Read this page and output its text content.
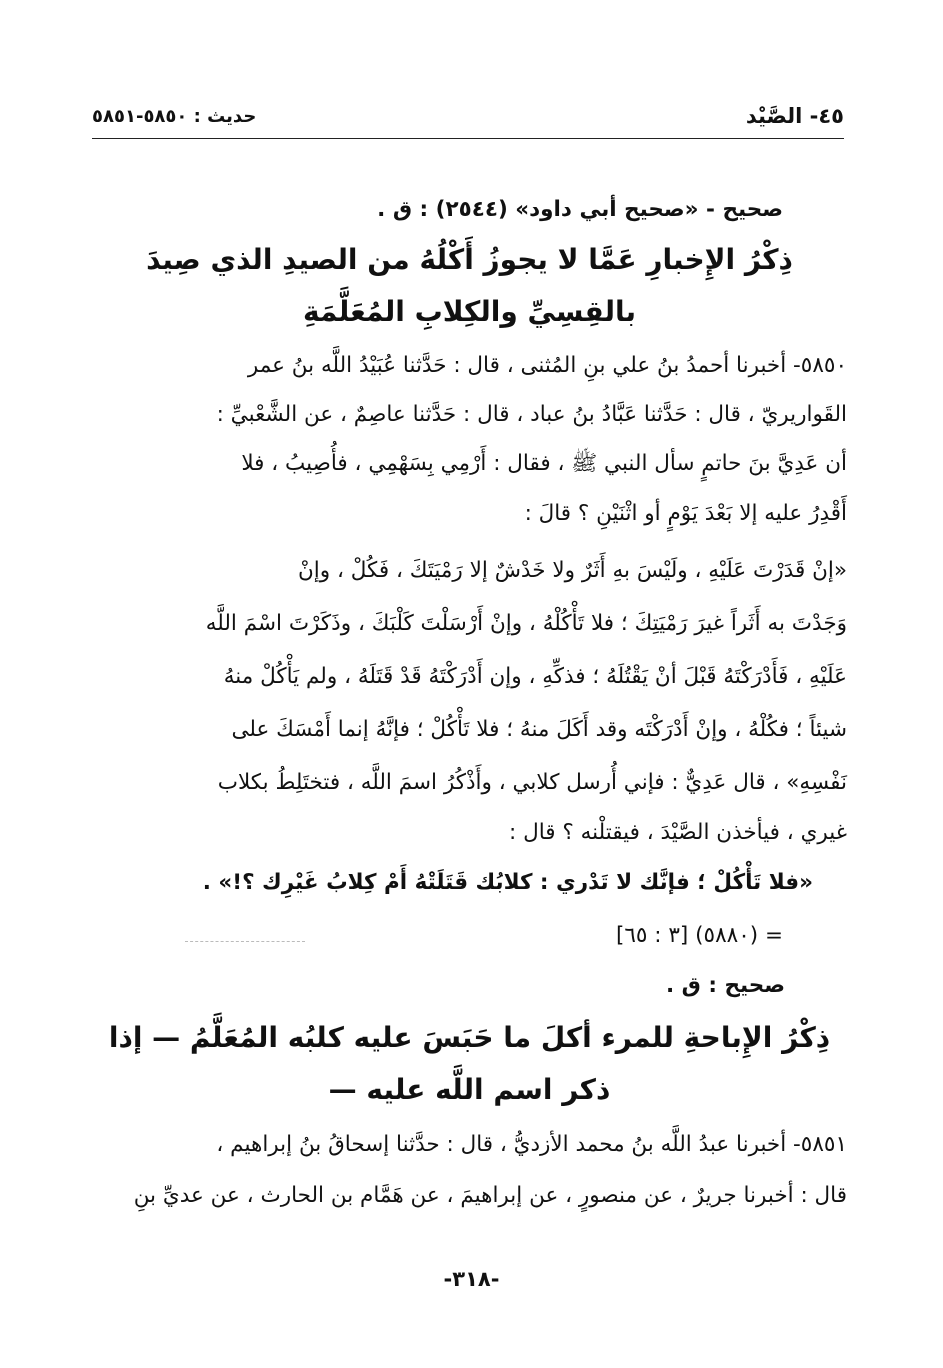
٤٥- الصَّيْد
حديث : ٥٨٥٠-٥٨٥١
صحيح - «صحيح أبي داود» (٢٥٤٤) : ق .
ذِكْرُ الإِخبارِ عَمَّا لا يجوزُ أَكْلُهُ من الصيدِ الذي صِيدَ
بالقِسِيِّ والكِلابِ المُعَلَّمَةِ
٥٨٥٠- أخبرنا أحمدُ بنُ علي بنِ المُثنى ، قال : حَدَّثنا عُبَيْدُ اللَّه بنُ عمر
القَواريريّ ، قال : حَدَّثنا عَبَّادُ بنُ عباد ، قال : حَدَّثنا عاصِمٌ ، عن الشَّعْبيِّ :
أن عَدِيَّ بنَ حاتمٍ سأل النبي ﷺ ، فقال : أَرْمِي بِسَهْمِي ، فأُصِيبُ ، فلا
أَقْدِرُ عليه إلا بَعْدَ يَوْمٍ أو اثْنَيْنِ ؟ قالَ :
«إنْ قَدَرْتَ عَلَيْهِ ، ولَيْسَ بهِ أَثَرٌ ولا خَدْشٌ إلا رَمْيَتَكَ ، فَكُلْ ، وإنْ
وَجَدْتَ به أَثَراً غيرَ رَمْيَتِكَ ؛ فلا تَأْكُلْهُ ، وإنْ أَرْسَلْتَ كَلْبَكَ ، وذَكَرْتَ اسْمَ اللَّه
عَلَيْهِ ، فَأَدْرَكْتَهُ قَبْلَ أنْ يَقْتُلَهُ ؛ فذكِّهِ ، وإن أَدْرَكْتَهُ قَدْ قَتَلَهُ ، ولم يَأْكُلْ منهُ
شيئاً ؛ فكُلْهُ ، وإنْ أَدْرَكْتَه وقد أَكَلَ منهُ ؛ فلا تَأْكُلْ ؛ فإنَّهُ إنما أَمْسَكَ على
نَفْسِهِ» ، قال عَدِيٌّ : فإني أُرسل كلابي ، وأَذْكُرُ اسمَ اللَّه ، فتختَلِطُ بكلاب
غيري ، فيأخذن الصَّيْدَ ، فيقتلْنه ؟ قال :
«فلا تَأْكُلْ ؛ فإنَّك لا تَدْري : كلابُك قَتَلَتْهُ أَمْ كِلابُ غَيْرِك ؟!» .
= (٥٨٨٠) [٣ : ٦٥]
صحيح : ق .
ذِكْرُ الإِباحةِ للمرء أكلَ ما حَبَسَ عليه كلبُه المُعَلَّمُ — إذا
ذكر اسم اللَّه عليه —
٥٨٥١- أخبرنا عبدُ اللَّه بنُ محمد الأزديُّ ، قال : حدَّثنا إسحاقُ بنُ إبراهيم ،
قال : أخبرنا جريرٌ ، عن منصورٍ ، عن إبراهيمَ ، عن هَمَّام بن الحارث ، عن عديِّ بنِ
-٣١٨-
